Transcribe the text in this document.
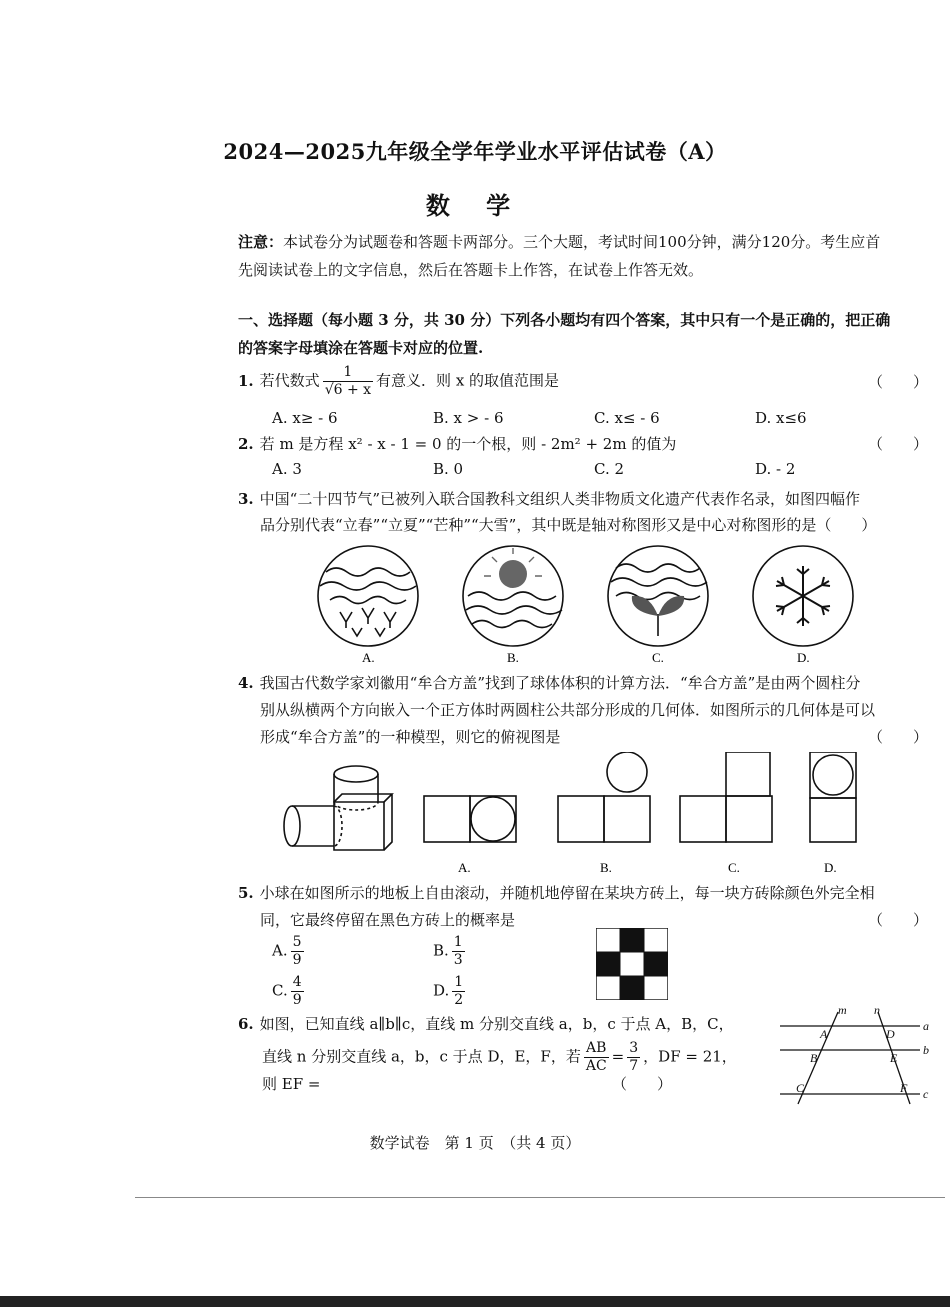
2024—2025九年级全学年学业水平评估试卷（A）
数 学
注意：本试卷分为试题卷和答题卡两部分。三个大题，考试时间100分钟，满分120分。考生应首
先阅读试卷上的文字信息，然后在答题卡上作答，在试卷上作答无效。
一、选择题（每小题 3 分，共 30 分）下列各小题均有四个答案，其中只有一个是正确的，把正确
的答案字母填涂在答题卡对应的位置.
1. 若代数式 $\frac{1}{√6 + x}$ 有意义．则 x 的取值范围是	（　　）
A. x≥ - 6	B. x > - 6	C. x≤ - 6	D. x≤6
2. 若 m 是方程 x² - x - 1 = 0 的一个根，则 - 2m² + 2m 的值为	（　　）
A. 3	B. 0	C. 2	D. - 2
3. 中国“二十四节气”已被列入联合国教科文组织人类非物质文化遗产代表作名录，如图四幅作
品分别代表“立春”“立夏”“芒种”“大雪”，其中既是轴对称图形又是中心对称图形的是（　　）
A.	B.	C.	D.
4. 我国古代数学家刘徽用“牟合方盖”找到了球体体积的计算方法．“牟合方盖”是由两个圆柱分
别从纵横两个方向嵌入一个正方体时两圆柱公共部分形成的几何体．如图所示的几何体是可以
形成“牟合方盖”的一种模型，则它的俯视图是	（　　）
A.	B.	C.	D.
5. 小球在如图所示的地板上自由滚动，并随机地停留在某块方砖上，每一块方砖除颜色外完全相
同，它最终停留在黑色方砖上的概率是	（　　）
A. $\frac{5}{9}$	B. $\frac{1}{3}$
C. $\frac{4}{9}$	D. $\frac{1}{2}$
6. 如图，已知直线 a∥b∥c，直线 m 分别交直线 a，b，c 于点 A，B，C，
直线 n 分别交直线 a，b，c 于点 D，E，F，若 $\frac{AB}{AC} = \frac{3}{7}$ ，DF = 21，
则 EF =	（　　）
m n
A	D
a
B	E
b
C	F c
数学试卷　第 1 页　（共 4 页）
